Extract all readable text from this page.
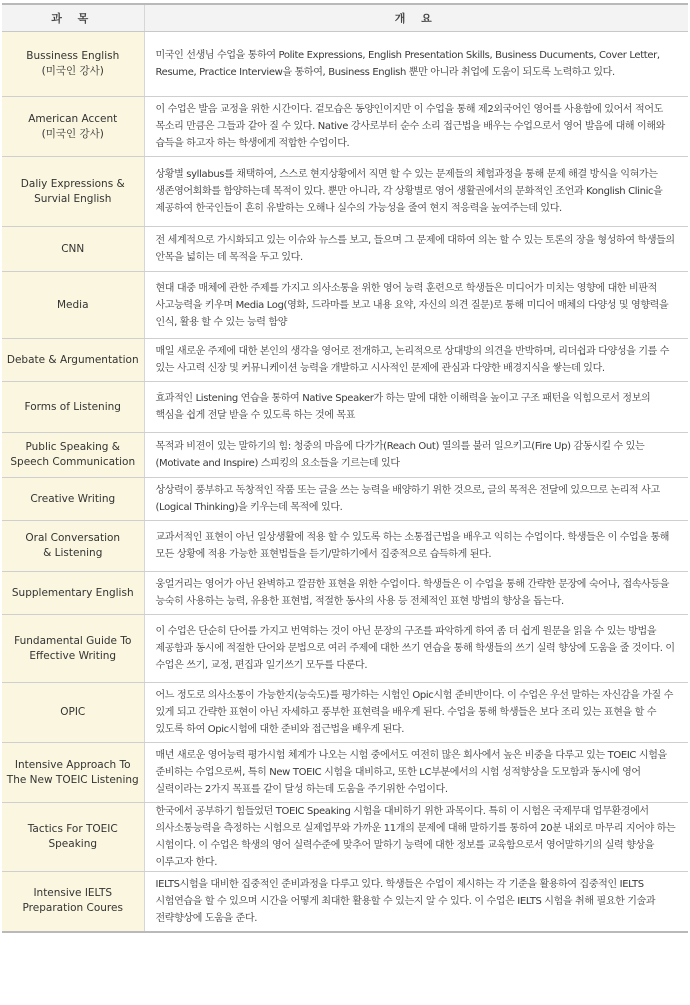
과 목	개 요

Bussiness English
(미국인 강사)	미국인 선생님 수업을 통하여 Polite Expressions, English Presentation Skills, Business Ducuments, Cover Letter, Resume, Practice Interview을 통하여, Business English 뿐만 아니라 취업에 도움이 되도록 노력하고 있다.

American Accent
(미국인 강사)	이 수업은 발음 교정을 위한 시간이다. 겉모습은 동양인이지만 이 수업을 통해 제2외국어인 영어를 사용함에 있어서 적어도 목소리 만큼은 그들과 같아 질 수 있다. Native 강사로부터 순수 소리 접근법을 배우는 수업으로서 영어 발음에 대해 이해와 습득을 하고자 하는 학생에게 적합한 수업이다.

Daliy Expressions &
Survial English	상황별 syllabus를 채택하여, 스스로 현지상황에서 직면 할 수 있는 문제들의 체험과정을 통해 문제 해결 방식을 익혀가는 생존영어회화를 함양하는데 목적이 있다. 뿐만 아니라, 각 상황별로 영어 생활권에서의 문화적인 조언과 Konglish Clinic을 제공하여 한국인들이 흔히 유발하는 오해나 실수의 가능성을 줄여 현지 적응력을 높여주는데 있다.

CNN	전 세계적으로 가시화되고 있는 이슈와 뉴스를 보고, 들으며 그 문제에 대하여 의논 할 수 있는 토론의 장을 형성하여 학생들의 안목을 넓히는 데 목적을 두고 있다.

Media	현대 대중 매체에 관한 주제를 가지고 의사소통을 위한 영어 능력 훈련으로 학생들은 미디어가 미치는 영향에 대한 비판적 사고능력을 키우며 Media Log(영화, 드라마를 보고 내용 요약, 자신의 의견 질문)로 통해 미디어 매체의 다양성 및 영향력을 인식, 활용 할 수 있는 능력 함양

Debate & Argumentation	매일 새로운 주제에 대한 본인의 생각을 영어로 전개하고, 논리적으로 상대방의 의견을 반박하며, 리더쉽과 다양성을 기를 수 있는 사고력 신장 및 커뮤니케이션 능력을 개발하고 시사적인 문제에 관심과 다양한 배경지식을 쌓는데 있다.

Forms of Listening	효과적인 Listening 연습을 통하여 Native Speaker가 하는 말에 대한 이해력을 높이고 구조 패턴을 익힘으로서 정보의 핵심을 쉽게 전달 받을 수 있도록 하는 것에 목표

Public Speaking &
Speech Communication	목적과 비젼이 있는 말하기의 힘: 청중의 마음에 다가가(Reach Out) 열의를 불러 일으키고(Fire Up) 감동시킬 수 있는 (Motivate and Inspire) 스피킹의 요소들을 기르는데 있다

Creative Writing	상상력이 풍부하고 독창적인 작품 또는 글을 쓰는 능력을 배양하기 위한 것으로, 글의 목적은 전달에 있으므로 논리적 사고(Logical Thinking)을 키우는데 목적에 있다.

Oral Conversation
& Listening	교과서적인 표현이 아닌 일상생활에 적용 할 수 있도록 하는 소통접근법을 배우고 익히는 수업이다. 학생들은 이 수업을 통해 모든 상황에 적용 가능한 표현법들을 듣기/말하기에서 집중적으로 습득하게 된다.

Supplementary English	웅얼거리는 영어가 아닌 완벽하고 깔끔한 표현을 위한 수업이다. 학생들은 이 수업을 통해 간략한 문장에 숙어나, 접속사등을 능숙히 사용하는 능력, 유용한 표현법, 적절한 동사의 사용 등 전체적인 표현 방법의 향상을 돕는다.

Fundamental Guide To
Effective Writing	이 수업은 단순히 단어를 가지고 번역하는 것이 아닌 문장의 구조를 파악하게 하여 좀 더 쉽게 원문을 읽을 수 있는 방법을 제공함과 동시에 적절한 단어와 문법으로 여러 주제에 대한 쓰기 연습을 통해 학생들의 쓰기 실력 향상에 도움을 줄 것이다. 이 수업은 쓰기, 교정, 편집과 일기쓰기 모두를 다룬다.

OPIC	어느 정도로 의사소통이 가능한지(능숙도)를 평가하는 시험인 Opic시험 준비반이다. 이 수업은 우선 말하는 자신감을 가질 수 있게 되고 간략한 표현이 아닌 자세하고 풍부한 표현력을 배우게 된다. 수업을 통해 학생들은 보다 조리 있는 표현을 할 수 있도록 하여 Opic시험에 대한 준비와 접근법을 배우게 된다.

Intensive Approach To
The New TOEIC Listening	매년 새로운 영어능력 평가시험 체계가 나오는 시험 중에서도 여전히 많은 회사에서 높은 비중을 다루고 있는 TOEIC 시험을 준비하는 수업으로써, 특히 New TOEIC 시험을 대비하고, 또한 LC부분에서의 시험 성적향상을 도모함과 동시에 영어 실력이라는 2가지 목표를 같이 달성 하는데 도움을 주기위한 수업이다.

Tactics For TOEIC
Speaking	한국에서 공부하기 힘들었던 TOEIC Speaking 시험을 대비하기 위한 과목이다. 특히 이 시험은 국제무대 업무환경에서 의사소통능력을 측정하는 시험으로 실제업무와 가까운 11개의 문제에 대해 말하기를 통하여 20분 내외로 마무리 지어야 하는 시험이다. 이 수업은 학생의 영어 실력수준에 맞추어 말하기 능력에 대한 정보를 교육함으로서 영어말하기의 실력 향상을 이루고자 한다.

Intensive IELTS
Preparation Coures	IELTS시험을 대비한 집중적인 준비과정을 다루고 있다. 학생들은 수업이 제시하는 각 기준을 활용하여 집중적인 IELTS 시험연습을 할 수 있으며 시간을 어떻게 최대한 활용할 수 있는지 알 수 있다. 이 수업은 IELTS 시험을 취해 필요한 기술과 전략향상에 도움을 준다.
